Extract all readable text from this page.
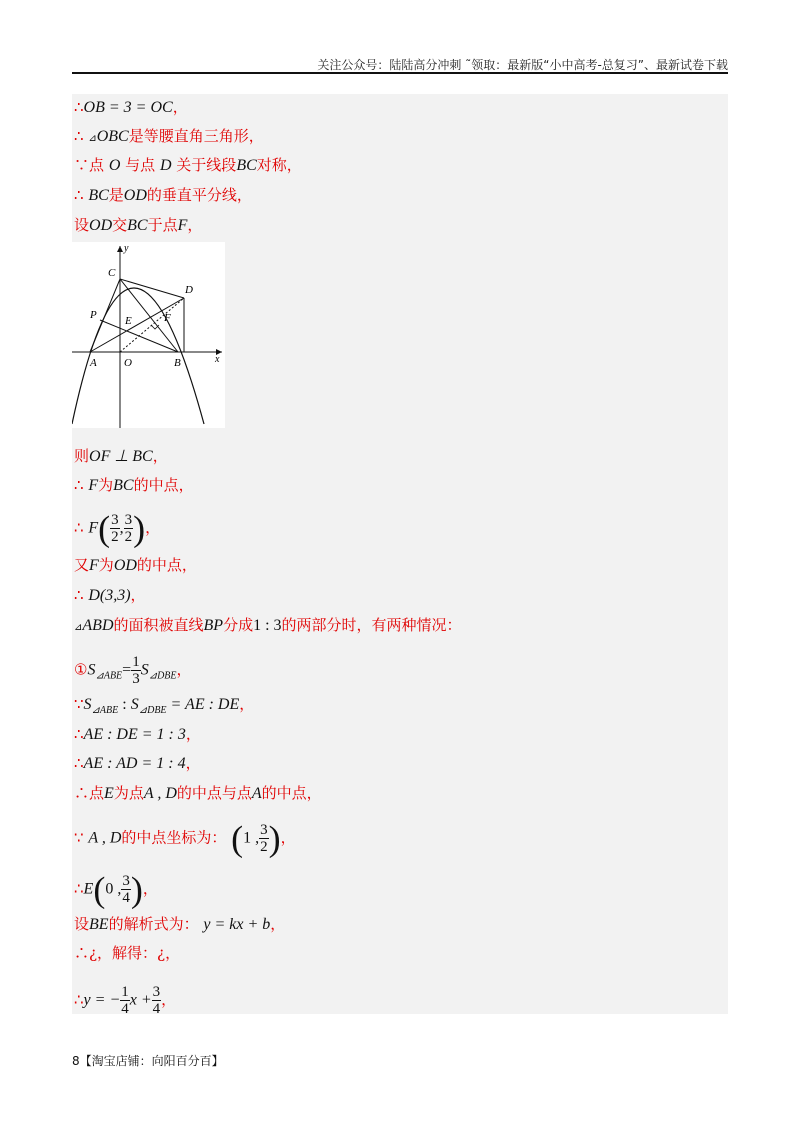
关注公众号：陆陆高分冲刺 ˜领取：最新版“小中高考-总复习”、最新试卷下载
∴OB = 3 = OC，
∴ ⊿OBC是等腰直角三角形，
∵点 O 与点 D 关于线段BC对称，
∴ BC是OD的垂直平分线，
设OD交BC于点F，
y
x
C
D
P	E	F
A O	B
则OF ⊥ BC，
∴ F为BC的中点，
∴ $F( \frac{3}{2}$ , $\frac{3}{2}$ )，
又F为OD的中点，
∴ D(3,3)，
⊿ABD的面积被直线BP分成1 : 3的两部分时，有两种情况：
$①S_{⊿ABE}= \frac{1}{3} S_{⊿DBE}$，
$\because S_{⊿ABE}$ : $S_{⊿DBE}$ = AE : DE，
∴AE : DE = 1 : 3，
∴AE : AD = 1 : 4，
∴点E为点A , D的中点与点A的中点，
∵ A , D的中点坐标为： (1 , $\frac{3}{2}$ )，
∴E(0 , $\frac{3}{4}$ )，
设BE的解析式为： y = kx + b，
∴¿，解得：¿，
∴y = − $\frac{1}{4}$ $x + \frac{3}{4}$ ，
8【淘宝店铺：向阳百分百】
